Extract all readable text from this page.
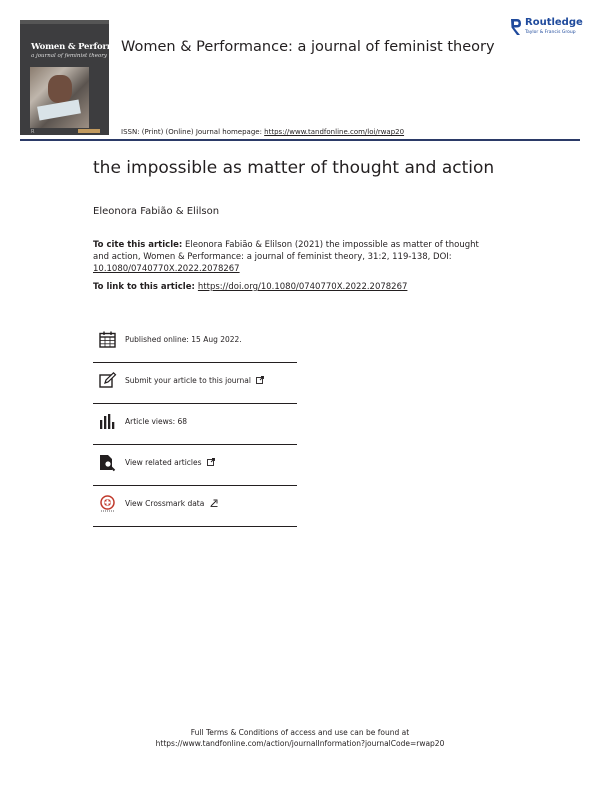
Women & Performance:
a journal of feminist theory
R
Women & Performance: a journal of feminist theory
Routledge
Taylor & Francis Group
ISSN: (Print) (Online) Journal homepage: https://www.tandfonline.com/loi/rwap20
the impossible as matter of thought and action
Eleonora Fabião & Elilson
To cite this article: Eleonora Fabião & Elilson (2021) the impossible as matter of thought and action, Women & Performance: a journal of feminist theory, 31:2, 119-138, DOI: 10.1080/0740770X.2022.2078267
To link to this article: https://doi.org/10.1080/0740770X.2022.2078267
Published online: 15 Aug 2022.
Submit your article to this journal
Article views: 68
View related articles
View Crossmark data
Full Terms & Conditions of access and use can be found at
https://www.tandfonline.com/action/journalInformation?journalCode=rwap20
